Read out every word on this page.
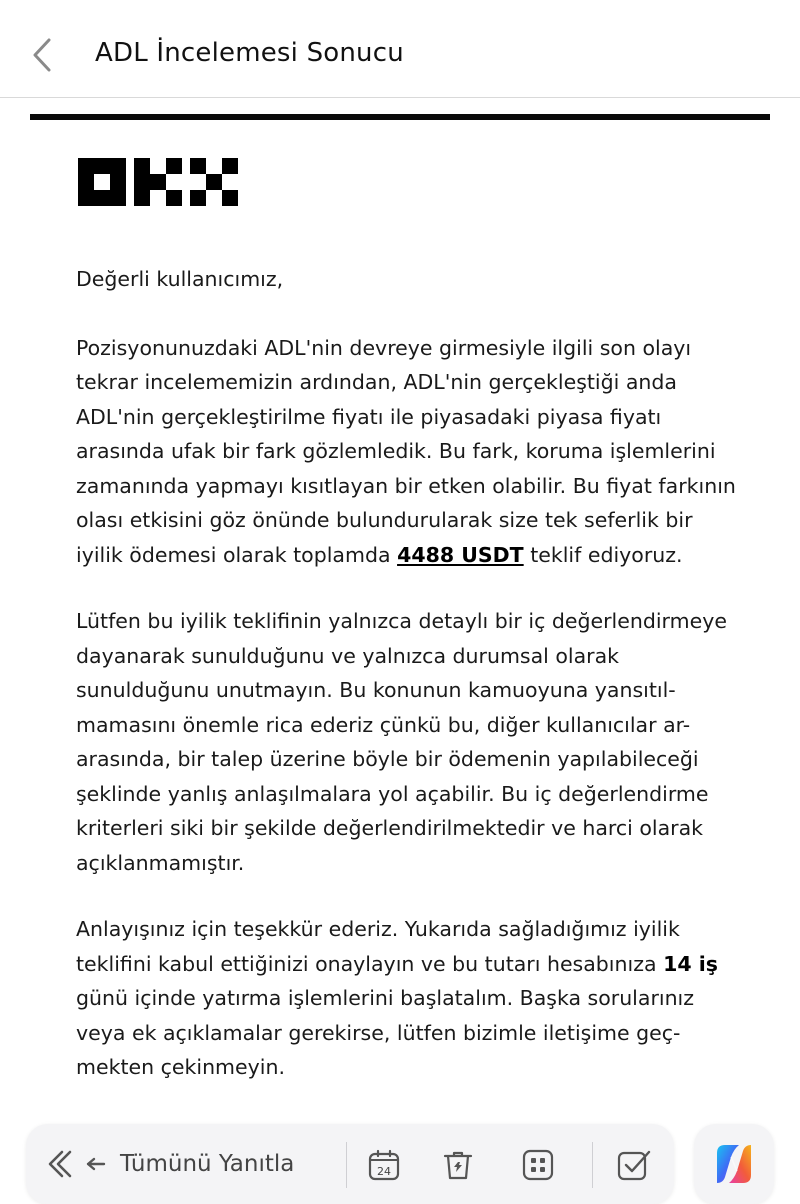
ADL İncelemesi Sonucu

Değerli kullanıcımız,

Pozisyonunuzdaki ADL'nin devreye girmesiyle ilgili son olayı tekrar incelememizin ardından, ADL'nin gerçekleştiği anda ADL'nin gerçekleştirilme fiyatı ile piyasadaki piyasa fiyatı arasında ufak bir fark gözlemledik. Bu fark, koruma işlemlerini zamanında yapmayı kısıtlayan bir etken olabilir. Bu fiyat farkının olası etkisini göz önünde bulundurularak size tek seferlik bir iyilik ödemesi olarak toplamda 4488 USDT teklif ediyoruz.

Lütfen bu iyilik teklifinin yalnızca detaylı bir iç değerlendirmeye dayanarak sunulduğunu ve yalnızca durumsal olarak sunulduğunu unutmayın. Bu konunun kamuoyuna yansıtıl-mamasını önemle rica ederiz çünkü bu, diğer kullanıcılar ar-arasında, bir talep üzerine böyle bir ödemenin yapılabileceği şeklinde yanlış anlaşılmalara yol açabilir. Bu iç değerlendirme kriterleri siki bir şekilde değerlendirilmektedir ve harci olarak açıklanmamıştır.

Anlayışınız için teşekkür ederiz. Yukarıda sağladığımız iyilik teklifini kabul ettiğinizi onaylayın ve bu tutarı hesabınıza 14 iş günü içinde yatırma işlemlerini başlatalım. Başka sorularınız veya ek açıklamalar gerekirse, lütfen bizimle iletişime geç-mekten çekinmeyin.

Tümünü Yanıtla	24
